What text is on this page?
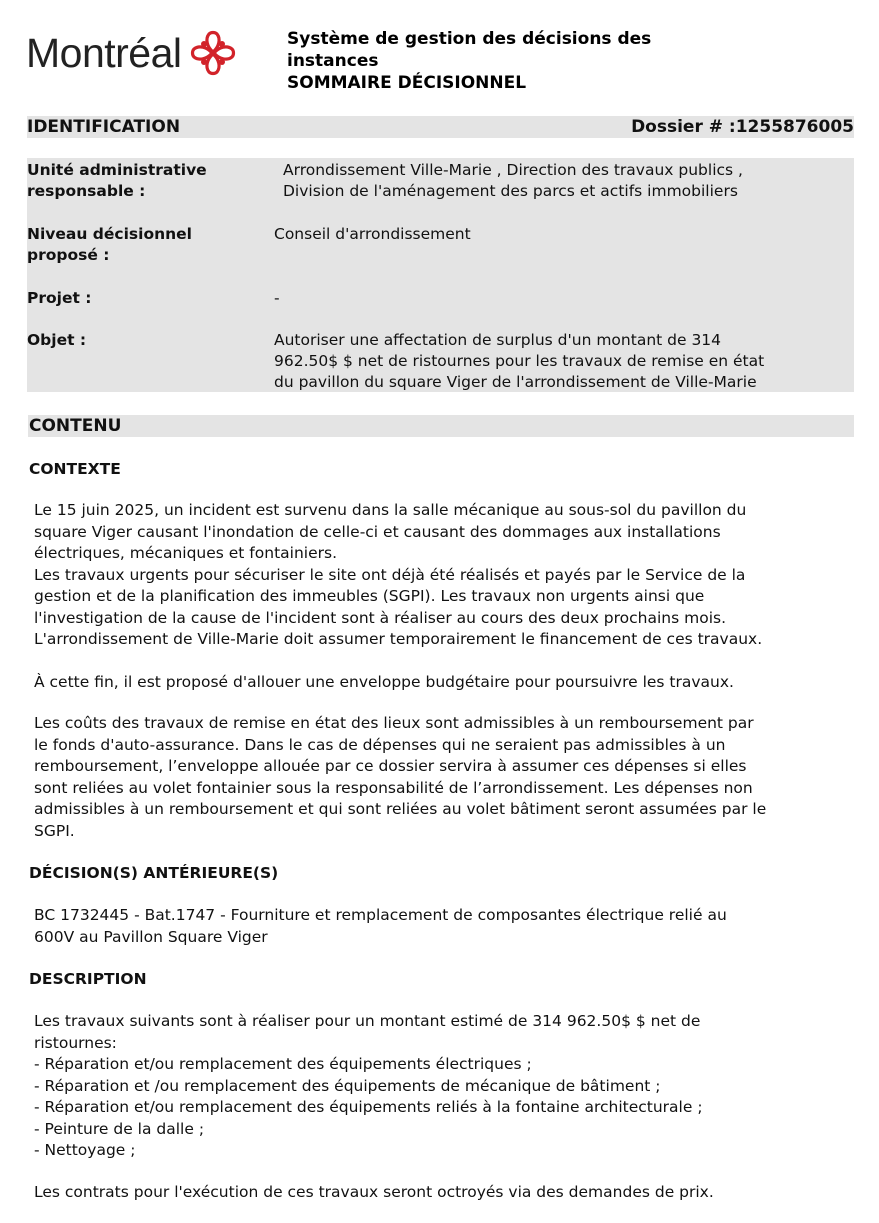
Montréal	Système de gestion des décisions des
instances
SOMMAIRE DÉCISIONNEL
IDENTIFICATION	Dossier # :1255876005
Unité administrative
responsable :
Arrondissement Ville-Marie , Direction des travaux publics ,
Division de l'aménagement des parcs et actifs immobiliers
Niveau décisionnel
proposé :
Conseil d'arrondissement
Projet :	-
Objet :	Autoriser une affectation de surplus d'un montant de 314
962.50$ $ net de ristournes pour les travaux de remise en état
du pavillon du square Viger de l'arrondissement de Ville-Marie
CONTENU
CONTEXTE
Le 15 juin 2025, un incident est survenu dans la salle mécanique au sous-sol du pavillon du
square Viger causant l'inondation de celle-ci et causant des dommages aux installations
électriques, mécaniques et fontainiers.
Les travaux urgents pour sécuriser le site ont déjà été réalisés et payés par le Service de la
gestion et de la planification des immeubles (SGPI). Les travaux non urgents ainsi que
l'investigation de la cause de l'incident sont à réaliser au cours des deux prochains mois.
L'arrondissement de Ville-Marie doit assumer temporairement le financement de ces travaux.
À cette fin, il est proposé d'allouer une enveloppe budgétaire pour poursuivre les travaux.
Les coûts des travaux de remise en état des lieux sont admissibles à un remboursement par
le fonds d'auto-assurance. Dans le cas de dépenses qui ne seraient pas admissibles à un
remboursement, l’enveloppe allouée par ce dossier servira à assumer ces dépenses si elles
sont reliées au volet fontainier sous la responsabilité de l’arrondissement. Les dépenses non
admissibles à un remboursement et qui sont reliées au volet bâtiment seront assumées par le
SGPI.
DÉCISION(S) ANTÉRIEURE(S)
BC 1732445 - Bat.1747 - Fourniture et remplacement de composantes électrique relié au
600V au Pavillon Square Viger
DESCRIPTION
Les travaux suivants sont à réaliser pour un montant estimé de 314 962.50$ $ net de
ristournes:
- Réparation et/ou remplacement des équipements électriques ;
- Réparation et /ou remplacement des équipements de mécanique de bâtiment ;
- Réparation et/ou remplacement des équipements reliés à la fontaine architecturale ;
- Peinture de la dalle ;
- Nettoyage ;
Les contrats pour l'exécution de ces travaux seront octroyés via des demandes de prix.
